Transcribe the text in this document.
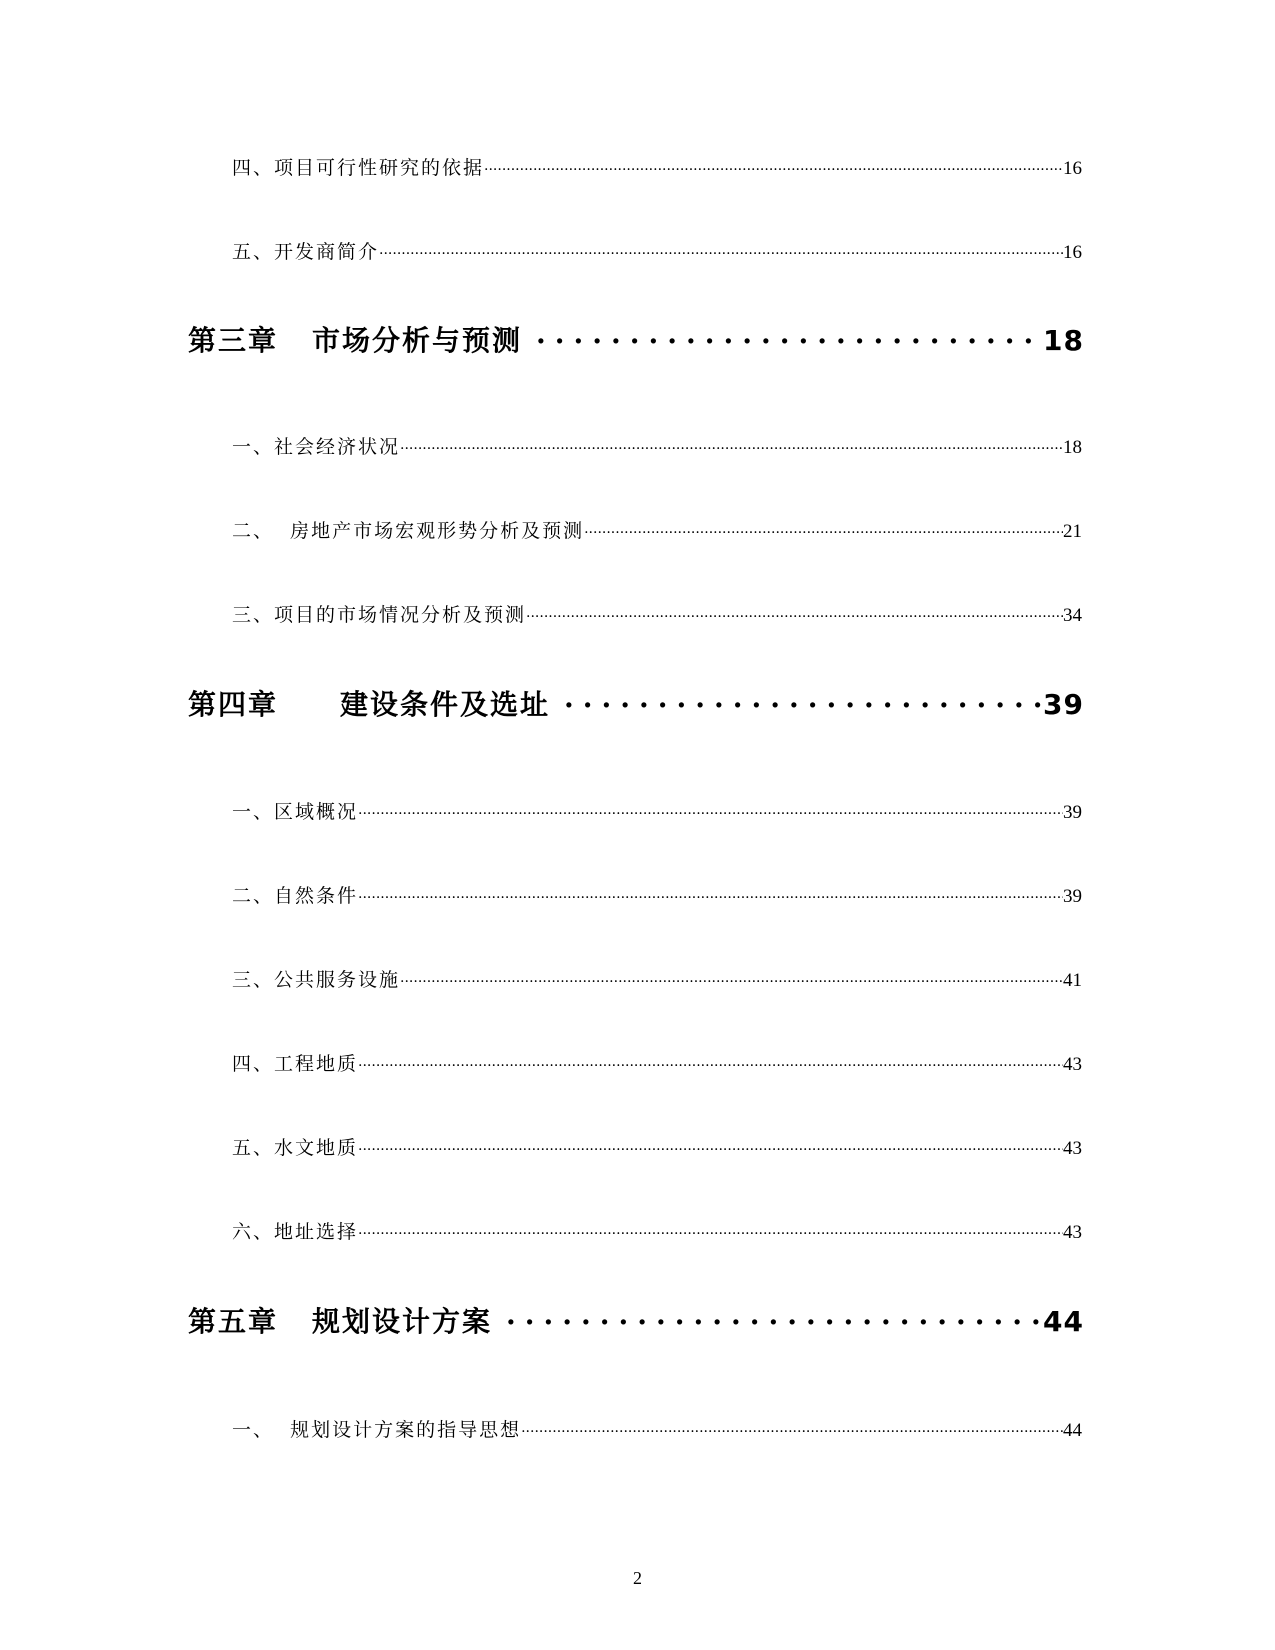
四、项目可行性研究的依据 .....	16
五、开发商简介 .....	16
第三章 市场分析与预测 .....	18
一、社会经济状况 .....	18
二、  房地产市场宏观形势分析及预测 .....	21
三、项目的市场情况分析及预测 .....	34
第四章 建设条件及选址 .....	39
一、区域概况 .....	39
二、自然条件 .....	39
三、公共服务设施 .....	41
四、工程地质 .....	43
五、水文地质 .....	43
六、地址选择 .....	43
第五章 规划设计方案 .....	44
一、  规划设计方案的指导思想 .....	44
2
